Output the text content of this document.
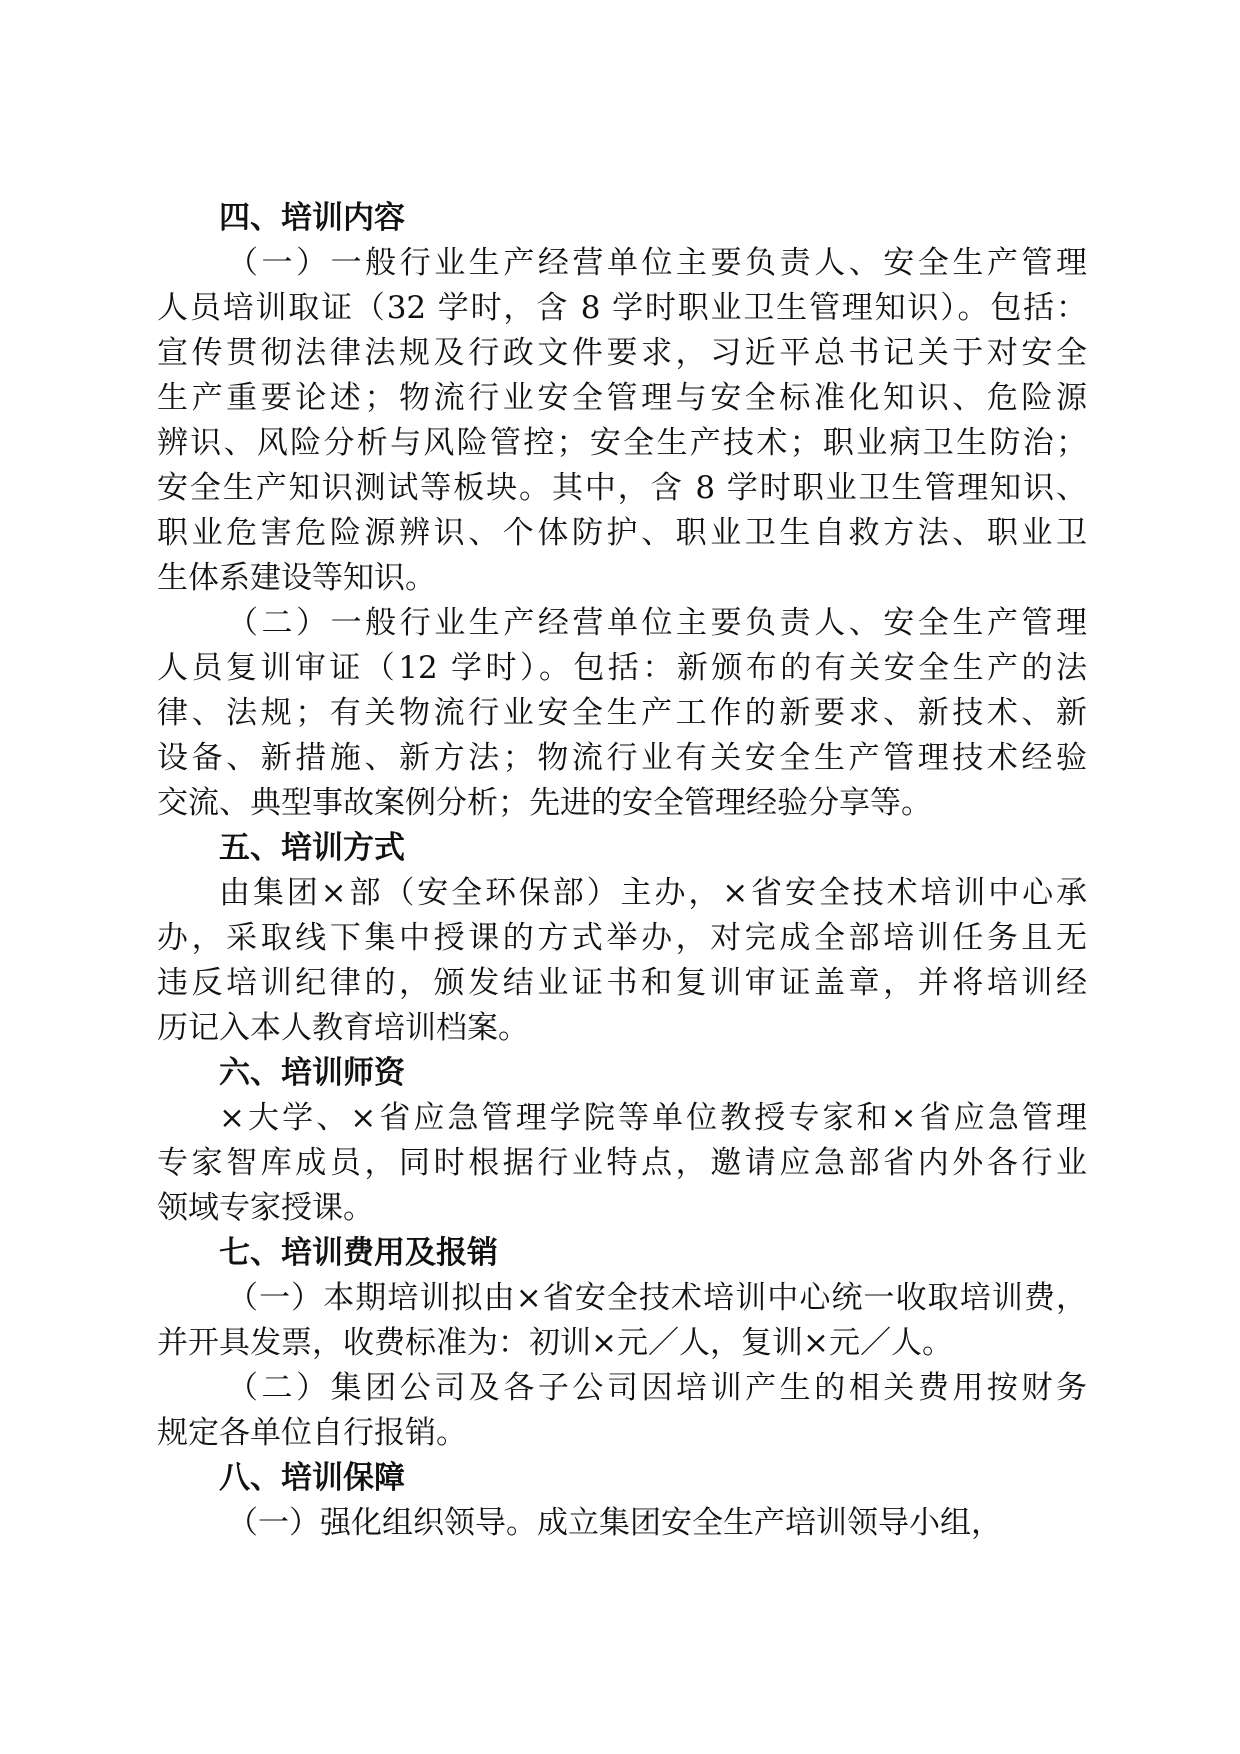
四、培训内容
（一）一般行业生产经营单位主要负责人、安全生产管理
人员培训取证（32 学时，含 8 学时职业卫生管理知识）。包括：
宣传贯彻法律法规及行政文件要求，习近平总书记关于对安全
生产重要论述；物流行业安全管理与安全标准化知识、危险源
辨识、风险分析与风险管控；安全生产技术；职业病卫生防治；
安全生产知识测试等板块。其中，含 8 学时职业卫生管理知识、
职业危害危险源辨识、个体防护、职业卫生自救方法、职业卫
生体系建设等知识。
（二）一般行业生产经营单位主要负责人、安全生产管理
人员复训审证（12 学时）。包括：新颁布的有关安全生产的法
律、法规；有关物流行业安全生产工作的新要求、新技术、新
设备、新措施、新方法；物流行业有关安全生产管理技术经验
交流、典型事故案例分析；先进的安全管理经验分享等。
五、培训方式
由集团×部（安全环保部）主办，×省安全技术培训中心承
办，采取线下集中授课的方式举办，对完成全部培训任务且无
违反培训纪律的，颁发结业证书和复训审证盖章，并将培训经
历记入本人教育培训档案。
六、培训师资
×大学、×省应急管理学院等单位教授专家和×省应急管理
专家智库成员，同时根据行业特点，邀请应急部省内外各行业
领域专家授课。
七、培训费用及报销
（一）本期培训拟由×省安全技术培训中心统一收取培训费，
并开具发票，收费标准为：初训×元／人，复训×元／人。
（二）集团公司及各子公司因培训产生的相关费用按财务
规定各单位自行报销。
八、培训保障
（一）强化组织领导。成立集团安全生产培训领导小组，
